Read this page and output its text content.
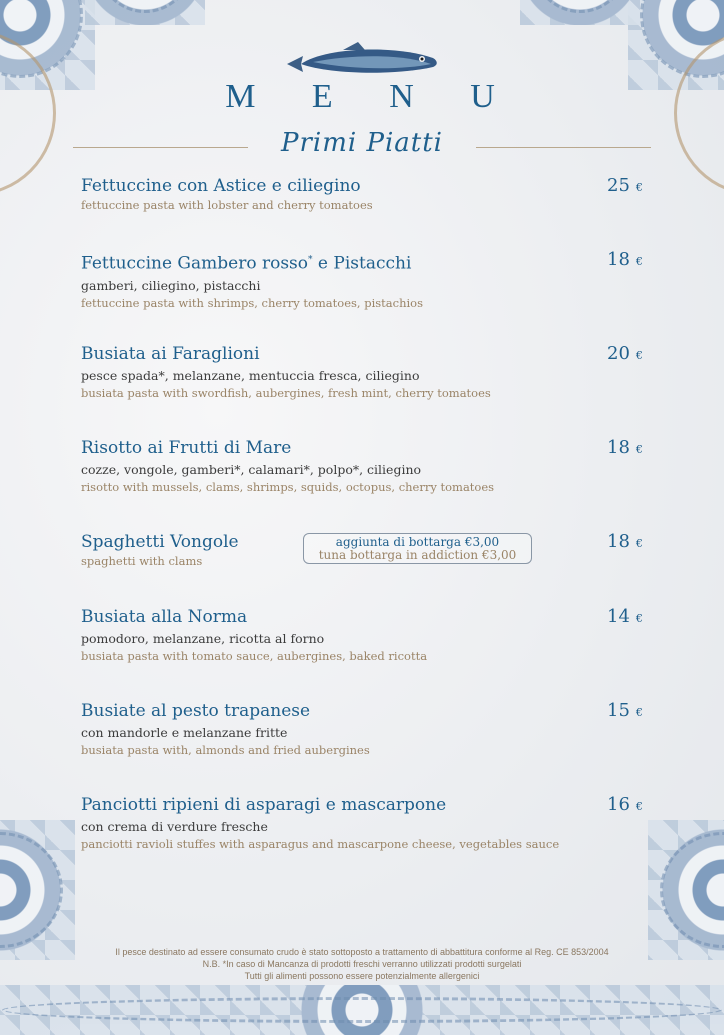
M E N U
Primi Piatti
Fettuccine con Astice e ciliegino
fettuccine pasta with lobster and cherry tomatoes
25 €
Fettuccine Gambero rosso* e Pistacchi
gamberi, ciliegino, pistacchi
fettuccine pasta with shrimps, cherry tomatoes, pistachios
18 €
Busiata ai Faraglioni
pesce spada*, melanzane, mentuccia fresca, ciliegino
busiata pasta with swordfish, aubergines, fresh mint, cherry tomatoes
20 €
Risotto ai Frutti di Mare
cozze, vongole, gamberi*, calamari*, polpo*, ciliegino
risotto with mussels, clams, shrimps, squids, octopus, cherry tomatoes
18 €
Spaghetti Vongole
spaghetti with clams
aggiunta di bottarga €3,00
tuna bottarga in addiction €3,00
18 €
Busiata alla Norma
pomodoro, melanzane, ricotta al forno
busiata pasta with tomato sauce, aubergines, baked ricotta
14 €
Busiate al pesto trapanese
con mandorle e melanzane fritte
busiata pasta with, almonds and fried aubergines
15 €
Panciotti ripieni di asparagi e mascarpone
con crema di verdure fresche
panciotti ravioli stuffes with asparagus and mascarpone cheese, vegetables sauce
16 €
Il pesce destinato ad essere consumato crudo è stato sottoposto a trattamento di abbattitura conforme al Reg. CE 853/2004
N.B. *In caso di Mancanza di prodotti freschi verranno utilizzati prodotti surgelati
Tutti gli alimenti possono essere potenzialmente allergenici
